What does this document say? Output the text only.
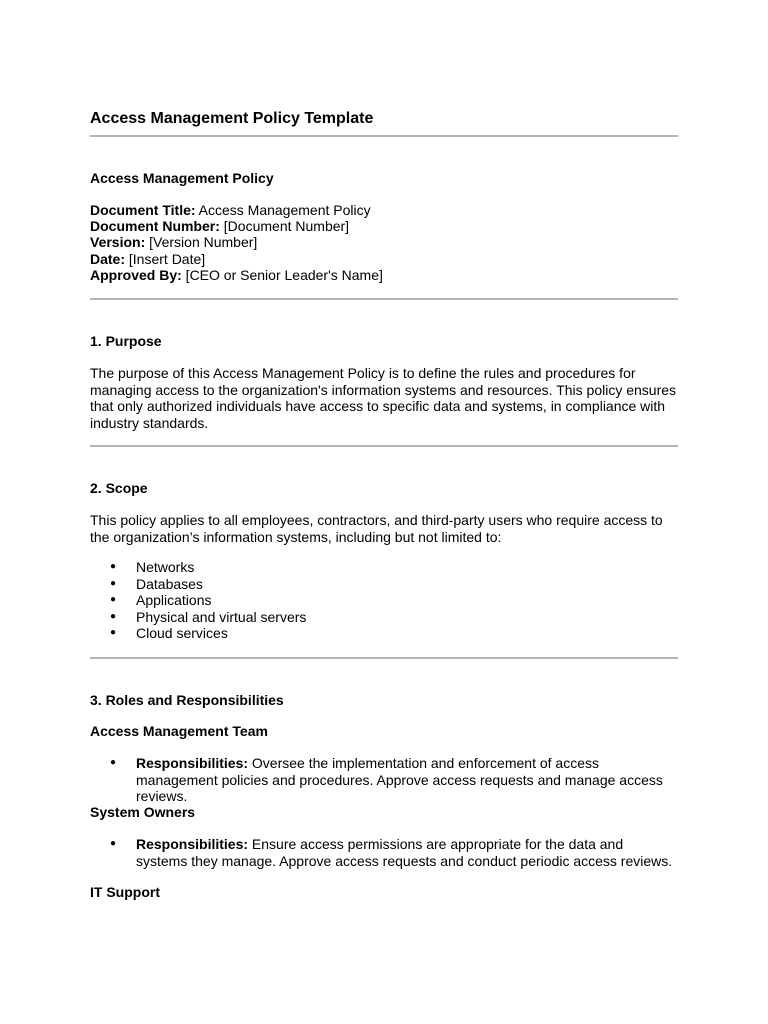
Access Management Policy Template

Access Management Policy

Document Title: Access Management Policy
Document Number: [Document Number]
Version: [Version Number]
Date: [Insert Date]
Approved By: [CEO or Senior Leader's Name]

1. Purpose

The purpose of this Access Management Policy is to define the rules and procedures for managing access to the organization's information systems and resources. This policy ensures that only authorized individuals have access to specific data and systems, in compliance with industry standards.

2. Scope

This policy applies to all employees, contractors, and third-party users who require access to the organization’s information systems, including but not limited to:

● Networks
● Databases
● Applications
● Physical and virtual servers
● Cloud services

3. Roles and Responsibilities

Access Management Team

● Responsibilities: Oversee the implementation and enforcement of access management policies and procedures. Approve access requests and manage access reviews.

System Owners

● Responsibilities: Ensure access permissions are appropriate for the data and systems they manage. Approve access requests and conduct periodic access reviews.

IT Support
